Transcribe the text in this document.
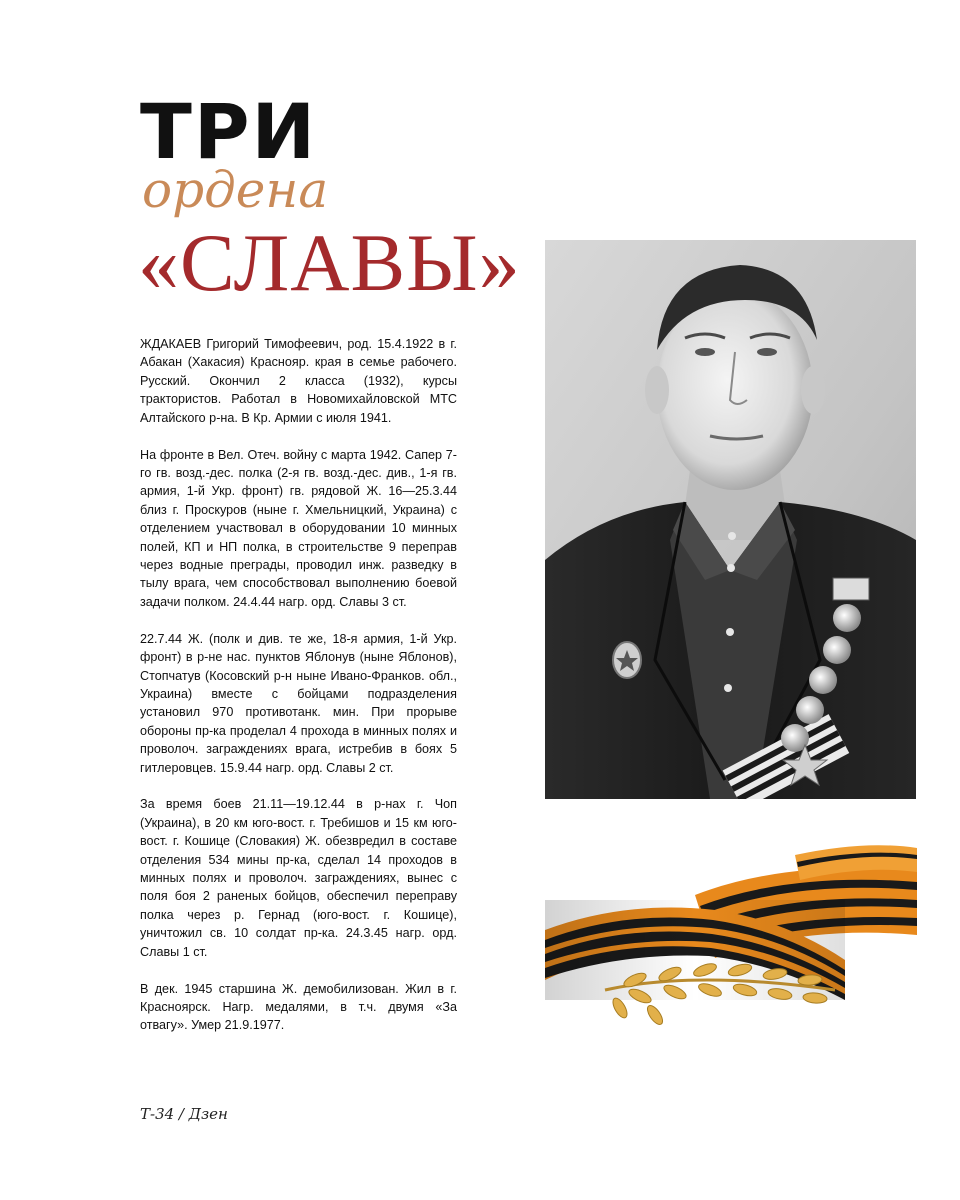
ТРИ
ордена
«СЛАВЫ»

ЖДАКАЕВ Григорий Тимофеевич, род. 15.4.1922 в г. Абакан (Хакасия) Краснояр. края в семье рабочего. Русский. Окончил 2 класса (1932), курсы трактористов. Работал в Новомихайловской МТС Алтайского р-на. В Кр. Армии с июля 1941.

На фронте в Вел. Отеч. войну с марта 1942. Сапер 7-го гв. возд.-дес. полка (2-я гв. возд.-дес. див., 1-я гв. армия, 1-й Укр. фронт) гв. рядовой Ж. 16—25.3.44 близ г. Проскуров (ныне г. Хмельницкий, Украина) с отделением участвовал в оборудовании 10 минных полей, КП и НП полка, в строительстве 9 переправ через водные преграды, проводил инж. разведку в тылу врага, чем способствовал выполнению боевой задачи полком. 24.4.44 нагр. орд. Славы 3 ст.

22.7.44 Ж. (полк и див. те же, 18-я армия, 1-й Укр. фронт) в р-не нас. пунктов Яблонув (ныне Яблонов), Стопчатув (Косовский р-н ныне Ивано-Франков. обл., Украина) вместе с бойцами подразделения установил 970 противотанк. мин. При прорыве обороны пр-ка проделал 4 прохода в минных полях и проволоч. заграждениях врага, истребив в боях 5 гитлеровцев. 15.9.44 нагр. орд. Славы 2 ст.

За время боев 21.11—19.12.44 в р-нах г. Чоп (Украина), в 20 км юго-вост. г. Требишов и 15 км юго-вост. г. Кошице (Словакия) Ж. обезвредил в составе отделения 534 мины пр-ка, сделал 14 проходов в минных полях и проволоч. заграждениях, вынес с поля боя 2 раненых бойцов, обеспечил переправу полка через р. Гернад (юго-вост. г. Кошице), уничтожил св. 10 солдат пр-ка. 24.3.45 нагр. орд. Славы 1 ст.

В дек. 1945 старшина Ж. демобилизован. Жил в г. Красноярск. Нагр. медалями, в т.ч. двумя «За отвагу». Умер 21.9.1977.

Т-34 / Дзен
